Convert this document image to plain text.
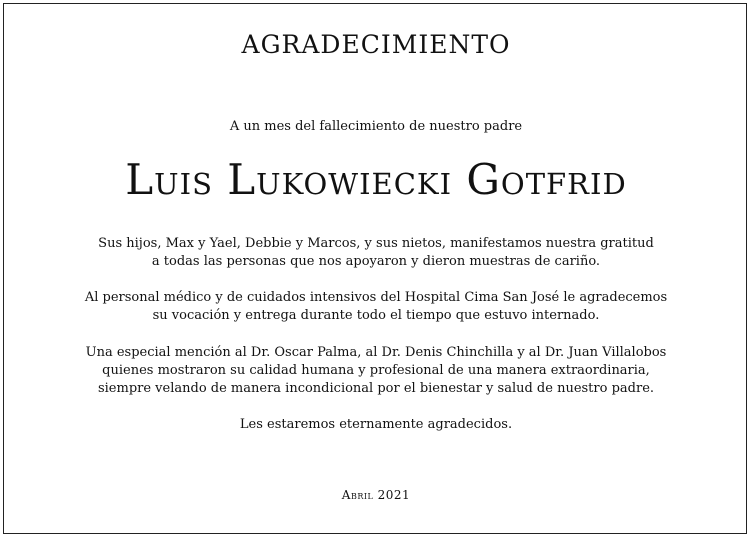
AGRADECIMIENTO
A un mes del fallecimiento de nuestro padre
Luis Lukowiecki Gotfrid
Sus hijos, Max y Yael, Debbie y Marcos, y sus nietos, manifestamos nuestra gratitud
a todas las personas que nos apoyaron y dieron muestras de cariño.
Al personal médico y de cuidados intensivos del Hospital Cima San José le agradecemos
su vocación y entrega durante todo el tiempo que estuvo internado.
Una especial mención al Dr. Oscar Palma, al Dr. Denis Chinchilla y al Dr. Juan Villalobos
quienes mostraron su calidad humana y profesional de una manera extraordinaria,
siempre velando de manera incondicional por el bienestar y salud de nuestro padre.
Les estaremos eternamente agradecidos.
Abril 2021
